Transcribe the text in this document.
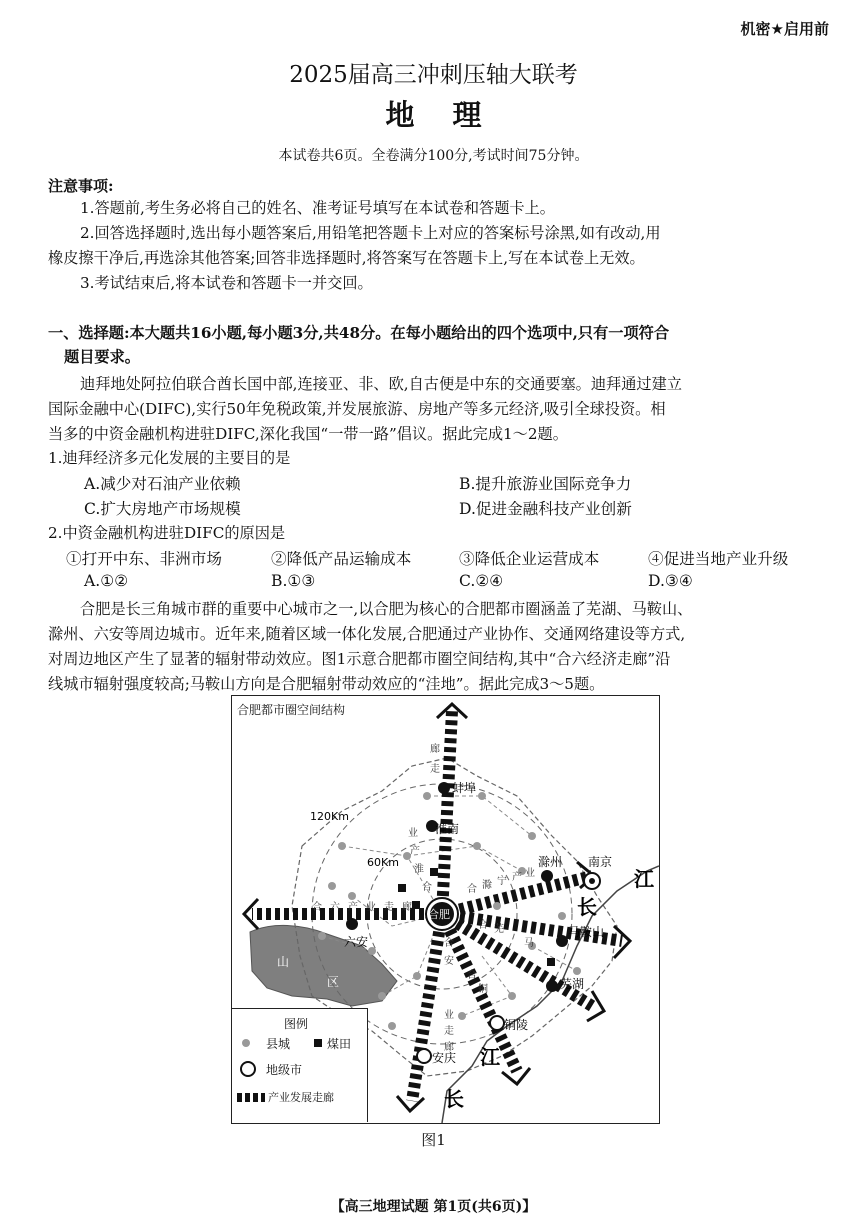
机密★启用前
2025届高三冲刺压轴大联考
地理
本试卷共6页。全卷满分100分,考试时间75分钟。
注意事项:
1.答题前,考生务必将自己的姓名、准考证号填写在本试卷和答题卡上。
2.回答选择题时,选出每小题答案后,用铅笔把答题卡上对应的答案标号涂黑,如有改动,用
橡皮擦干净后,再选涂其他答案;回答非选择题时,将答案写在答题卡上,写在本试卷上无效。
3.考试结束后,将本试卷和答题卡一并交回。
一、选择题:本大题共16小题,每小题3分,共48分。在每小题给出的四个选项中,只有一项符合
题目要求。
迪拜地处阿拉伯联合酋长国中部,连接亚、非、欧,自古便是中东的交通要塞。迪拜通过建立
国际金融中心(DIFC),实行50年免税政策,并发展旅游、房地产等多元经济,吸引全球投资。相
当多的中资金融机构进驻DIFC,深化我国“一带一路”倡议。据此完成1～2题。
1.迪拜经济多元化发展的主要目的是
A.减少对石油产业依赖	B.提升旅游业国际竞争力
C.扩大房地产市场规模	D.促进金融科技产业创新
2.中资金融机构进驻DIFC的原因是
①打开中东、非洲市场	②降低产品运输成本	③降低企业运营成本	④促进当地产业升级
A.①②	B.①③	C.②④	D.③④
合肥是长三角城市群的重要中心城市之一,以合肥为核心的合肥都市圈涵盖了芜湖、马鞍山、
滁州、六安等周边城市。近年来,随着区域一体化发展,合肥通过产业协作、交通网络建设等方式,
对周边地区产生了显著的辐射带动效应。图1示意合肥都市圈空间结构,其中“合六经济走廊”沿
线城市辐射强度较高;马鞍山方向是合肥辐射带动效应的“洼地”。据此完成3～5题。
山
区
120Km
60Km
江
长
江
长
合肥
蚌埠
淮南
滁州 南京
马鞍山
芜湖
铜陵
安庆
六安
合 六 产 业 走 廊
廊
走
业
产
淮
合	合 滁 宁 产 业
合 芜
马
合
安
业
走
廊
合
铜
合肥都市圈空间结构
图例
县城	煤田
地级市
产业发展走廊
图1
【高三地理试题 第1页(共6页)】
